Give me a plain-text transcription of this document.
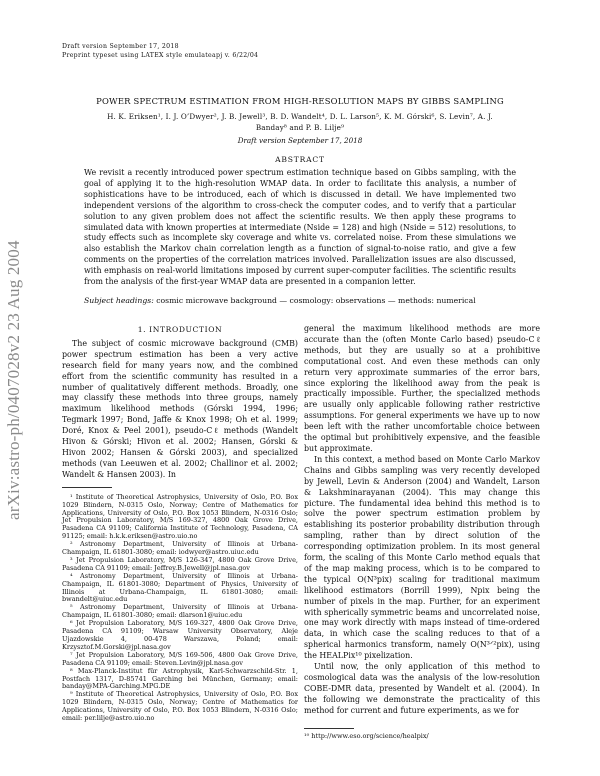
Draft version September 17, 2018
Preprint typeset using LATEX style emulateapj v. 6/22/04
arXiv:astro-ph/0407028v2 23 Aug 2004
POWER SPECTRUM ESTIMATION FROM HIGH-RESOLUTION MAPS BY GIBBS SAMPLING
H. K. Eriksen¹, I. J. O’Dwyer², J. B. Jewell³, B. D. Wandelt⁴, D. L. Larson⁵, K. M. Górski⁶, S. Levin⁷, A. J.
Banday⁸ and P. B. Lilje⁹
Draft version September 17, 2018
ABSTRACT
We revisit a recently introduced power spectrum estimation technique based on Gibbs sampling, with the goal of applying it to the high-resolution WMAP data. In order to facilitate this analysis, a number of sophistications have to be introduced, each of which is discussed in detail. We have implemented two independent versions of the algorithm to cross-check the computer codes, and to verify that a particular solution to any given problem does not affect the scientific results. We then apply these programs to simulated data with known properties at intermediate (Nside = 128) and high (Nside = 512) resolutions, to study effects such as incomplete sky coverage and white vs. correlated noise. From these simulations we also establish the Markov chain correlation length as a function of signal-to-noise ratio, and give a few comments on the properties of the correlation matrices involved. Parallelization issues are also discussed, with emphasis on real-world limitations imposed by current super-computer facilities. The scientific results from the analysis of the first-year WMAP data are presented in a companion letter.
Subject headings: cosmic microwave background — cosmology: observations — methods: numerical
1. INTRODUCTION

The subject of cosmic microwave background (CMB) power spectrum estimation has been a very active research field for many years now, and the combined effort from the scientific community has resulted in a number of qualitatively different methods. Broadly, one may classify these methods into three groups, namely maximum likelihood methods (Górski 1994, 1996; Tegmark 1997; Bond, Jaffe & Knox 1998; Oh et al. 1999; Doré, Knox & Peel 2001), pseudo-Cℓ methods (Wandelt Hivon & Górski; Hivon et al. 2002; Hansen, Górski & Hivon 2002; Hansen & Górski 2003), and specialized methods (van Leeuwen et al. 2002; Challinor et al. 2002; Wandelt & Hansen 2003). In

¹ Institute of Theoretical Astrophysics, University of Oslo, P.O. Box 1029 Blindern, N-0315 Oslo, Norway; Centre of Mathematics for Applications, University of Oslo, P.O. Box 1053 Blindern, N-0316 Oslo; Jet Propulsion Laboratory, M/S 169-327, 4800 Oak Grove Drive, Pasadena CA 91109; California Institute of Technology, Pasadena, CA 91125; email: h.k.k.eriksen@astro.uio.no
² Astronomy Department, University of Illinois at Urbana-Champaign, IL 61801-3080; email: iodwyer@astro.uiuc.edu
³ Jet Propulsion Laboratory, M/S 126-347, 4800 Oak Grove Drive, Pasadena CA 91109; email: Jeffrey.B.Jewell@jpl.nasa.gov
⁴ Astronomy Department, University of Illinois at Urbana-Champaign, IL 61801-3080; Department of Physics, University of Illinois at Urbana-Champaign, IL 61801-3080; email: bwandelt@uiuc.edu
⁵ Astronomy Department, University of Illinois at Urbana-Champaign, IL 61801-3080; email: dlarson1@uiuc.edu
⁶ Jet Propulsion Laboratory, M/S 169-327, 4800 Oak Grove Drive, Pasadena CA 91109; Warsaw University Observatory, Aleje Ujazdowskie 4, 00-478 Warszawa, Poland; email: Krzysztof.M.Gorski@jpl.nasa.gov
⁷ Jet Propulsion Laboratory, M/S 169-506, 4800 Oak Grove Drive, Pasadena CA 91109; email: Steven.Levin@jpl.nasa.gov
⁸ Max-Planck-Institut für Astrophysik, Karl-Schwarzschild-Str. 1, Postfach 1317, D-85741 Garching bei München, Germany; email: banday@MPA-Garching.MPG.DE
⁹ Institute of Theoretical Astrophysics, University of Oslo, P.O. Box 1029 Blindern, N-0315 Oslo, Norway; Centre of Mathematics for Applications, University of Oslo, P.O. Box 1053 Blindern, N-0316 Oslo; email: per.lilje@astro.uio.no

general the maximum likelihood methods are more accurate than the (often Monte Carlo based) pseudo-Cℓ methods, but they are usually so at a prohibitive computational cost. And even these methods can only return very approximate summaries of the error bars, since exploring the likelihood away from the peak is practically impossible. Further, the specialized methods are usually only applicable following rather restrictive assumptions. For general experiments we have up to now been left with the rather uncomfortable choice between the optimal but prohibitively expensive, and the feasible but approximate.

In this context, a method based on Monte Carlo Markov Chains and Gibbs sampling was very recently developed by Jewell, Levin & Anderson (2004) and Wandelt, Larson & Lakshminarayanan (2004). This may change this picture. The fundamental idea behind this method is to solve the power spectrum estimation problem by establishing its posterior probability distribution through sampling, rather than by direct solution of the corresponding optimization problem. In its most general form, the scaling of this Monte Carlo method equals that of the map making process, which is to be compared to the typical O(N³pix) scaling for traditional maximum likelihood estimators (Borrill 1999), Npix being the number of pixels in the map. Further, for an experiment with spherically symmetric beams and uncorrelated noise, one may work directly with maps instead of time-ordered data, in which case the scaling reduces to that of a spherical harmonics transform, namely O(N³ᐟ²pix), using the HEALPix¹⁰ pixelization.

Until now, the only application of this method to cosmological data was the analysis of the low-resolution COBE-DMR data, presented by Wandelt et al. (2004). In the following we demonstrate the practicality of this method for current and future experiments, as we for

¹⁰ http://www.eso.org/science/healpix/
